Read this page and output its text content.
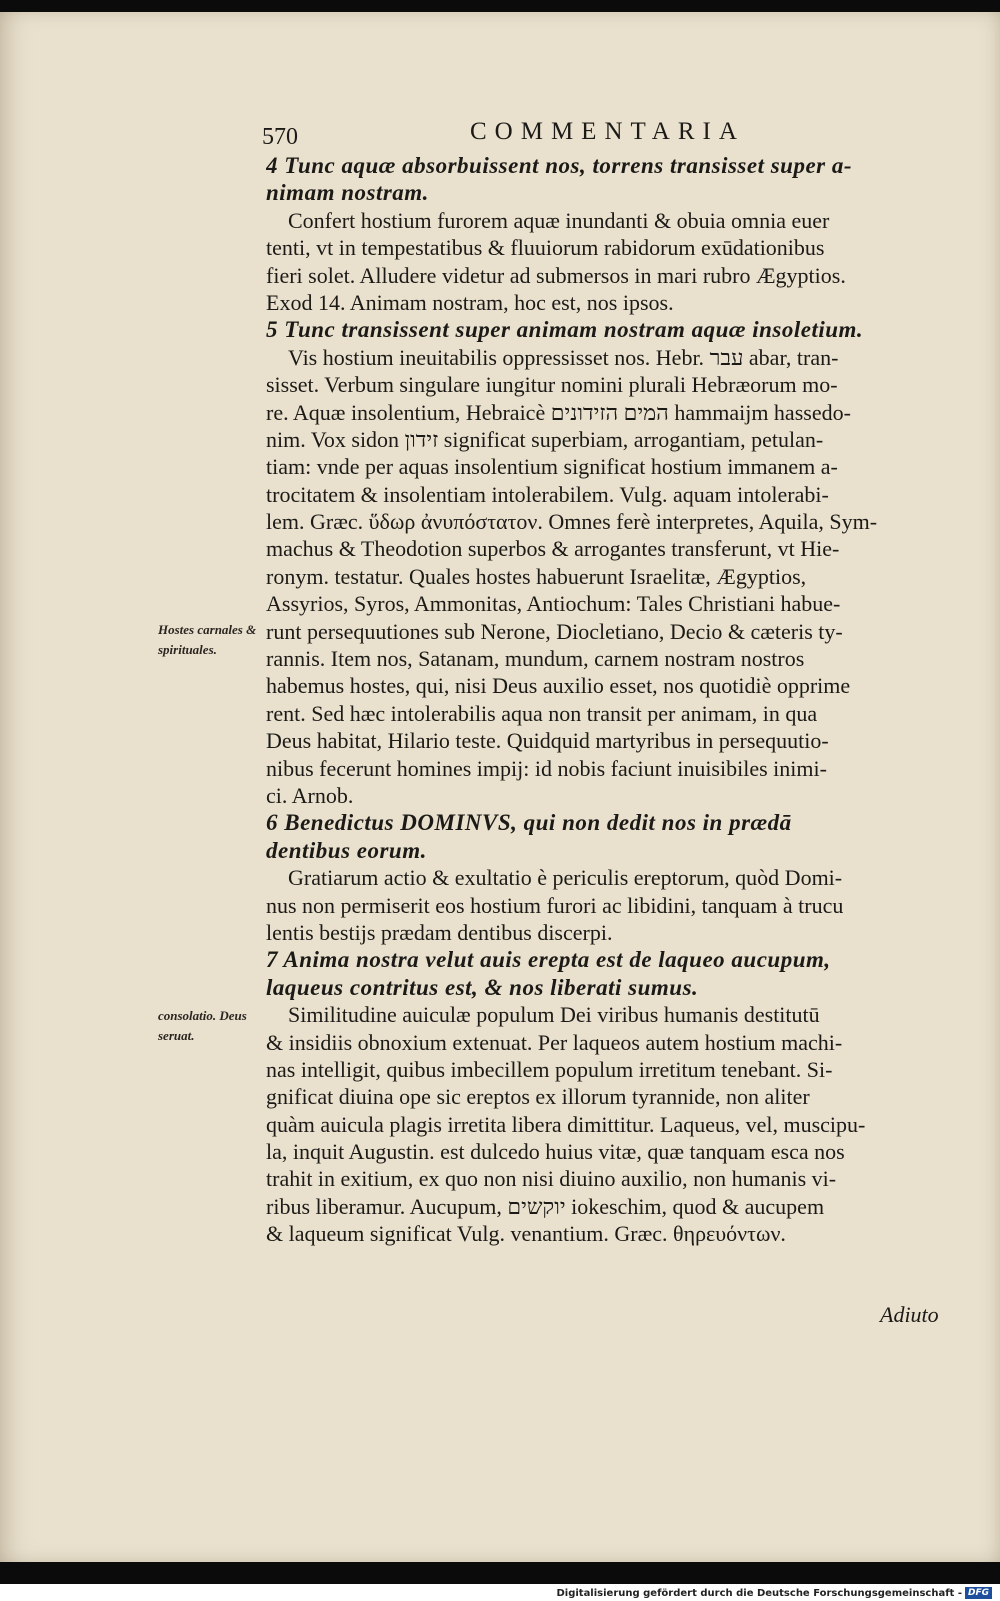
570	COMMENTARIA
Hostes carnales & spirituales.
consolatio. Deus seruat.
4 Tunc aquæ absorbuissent nos, torrens transisset super a-
nimam nostram.
Confert hostium furorem aquæ inundanti & obuia omnia euer
tenti, vt in tempestatibus & fluuiorum rabidorum exūdationibus
fieri solet. Alludere videtur ad submersos in mari rubro Ægyptios.
Exod 14. Animam nostram, hoc est, nos ipsos.
5 Tunc transissent super animam nostram aquæ insoletium.
Vis hostium ineuitabilis oppressisset nos. Hebr. עבר abar, tran-
sisset. Verbum singulare iungitur nomini plurali Hebræorum mo-
re. Aquæ insolentium, Hebraicè המים הזידונים hammaijm hassedo-
nim. Vox sidon זידון significat superbiam, arrogantiam, petulan-
tiam: vnde per aquas insolentium significat hostium immanem a-
trocitatem & insolentiam intolerabilem. Vulg. aquam intolerabi-
lem. Græc. ὕδωρ ἀνυπόστατον. Omnes ferè interpretes, Aquila, Sym-
machus & Theodotion superbos & arrogantes transferunt, vt Hie-
ronym. testatur. Quales hostes habuerunt Israelitæ, Ægyptios,
Assyrios, Syros, Ammonitas, Antiochum: Tales Christiani habue-
runt persequutiones sub Nerone, Diocletiano, Decio & cæteris ty-
rannis. Item nos, Satanam, mundum, carnem nostram nostros
habemus hostes, qui, nisi Deus auxilio esset, nos quotidiè opprime
rent. Sed hæc intolerabilis aqua non transit per animam, in qua
Deus habitat, Hilario teste. Quidquid martyribus in persequutio-
nibus fecerunt homines impij: id nobis faciunt inuisibiles inimi-
ci. Arnob.
6 Benedictus DOMINVS, qui non dedit nos in prædā
dentibus eorum.
Gratiarum actio & exultatio è periculis ereptorum, quòd Domi-
nus non permiserit eos hostium furori ac libidini, tanquam à trucu
lentis bestijs prædam dentibus discerpi.
7 Anima nostra velut auis erepta est de laqueo aucupum,
laqueus contritus est, & nos liberati sumus.
Similitudine auiculæ populum Dei viribus humanis destitutū
& insidiis obnoxium extenuat. Per laqueos autem hostium machi-
nas intelligit, quibus imbecillem populum irretitum tenebant. Si-
gnificat diuina ope sic ereptos ex illorum tyrannide, non aliter
quàm auicula plagis irretita libera dimittitur. Laqueus, vel, muscipu-
la, inquit Augustin. est dulcedo huius vitæ, quæ tanquam esca nos
trahit in exitium, ex quo non nisi diuino auxilio, non humanis vi-
ribus liberamur. Aucupum, יוקשים iokeschim, quod & aucupem
& laqueum significat Vulg. venantium. Græc. θηρευόντων.
Adiuto
Digitalisierung gefördert durch die Deutsche Forschungsgemeinschaft - DFG
